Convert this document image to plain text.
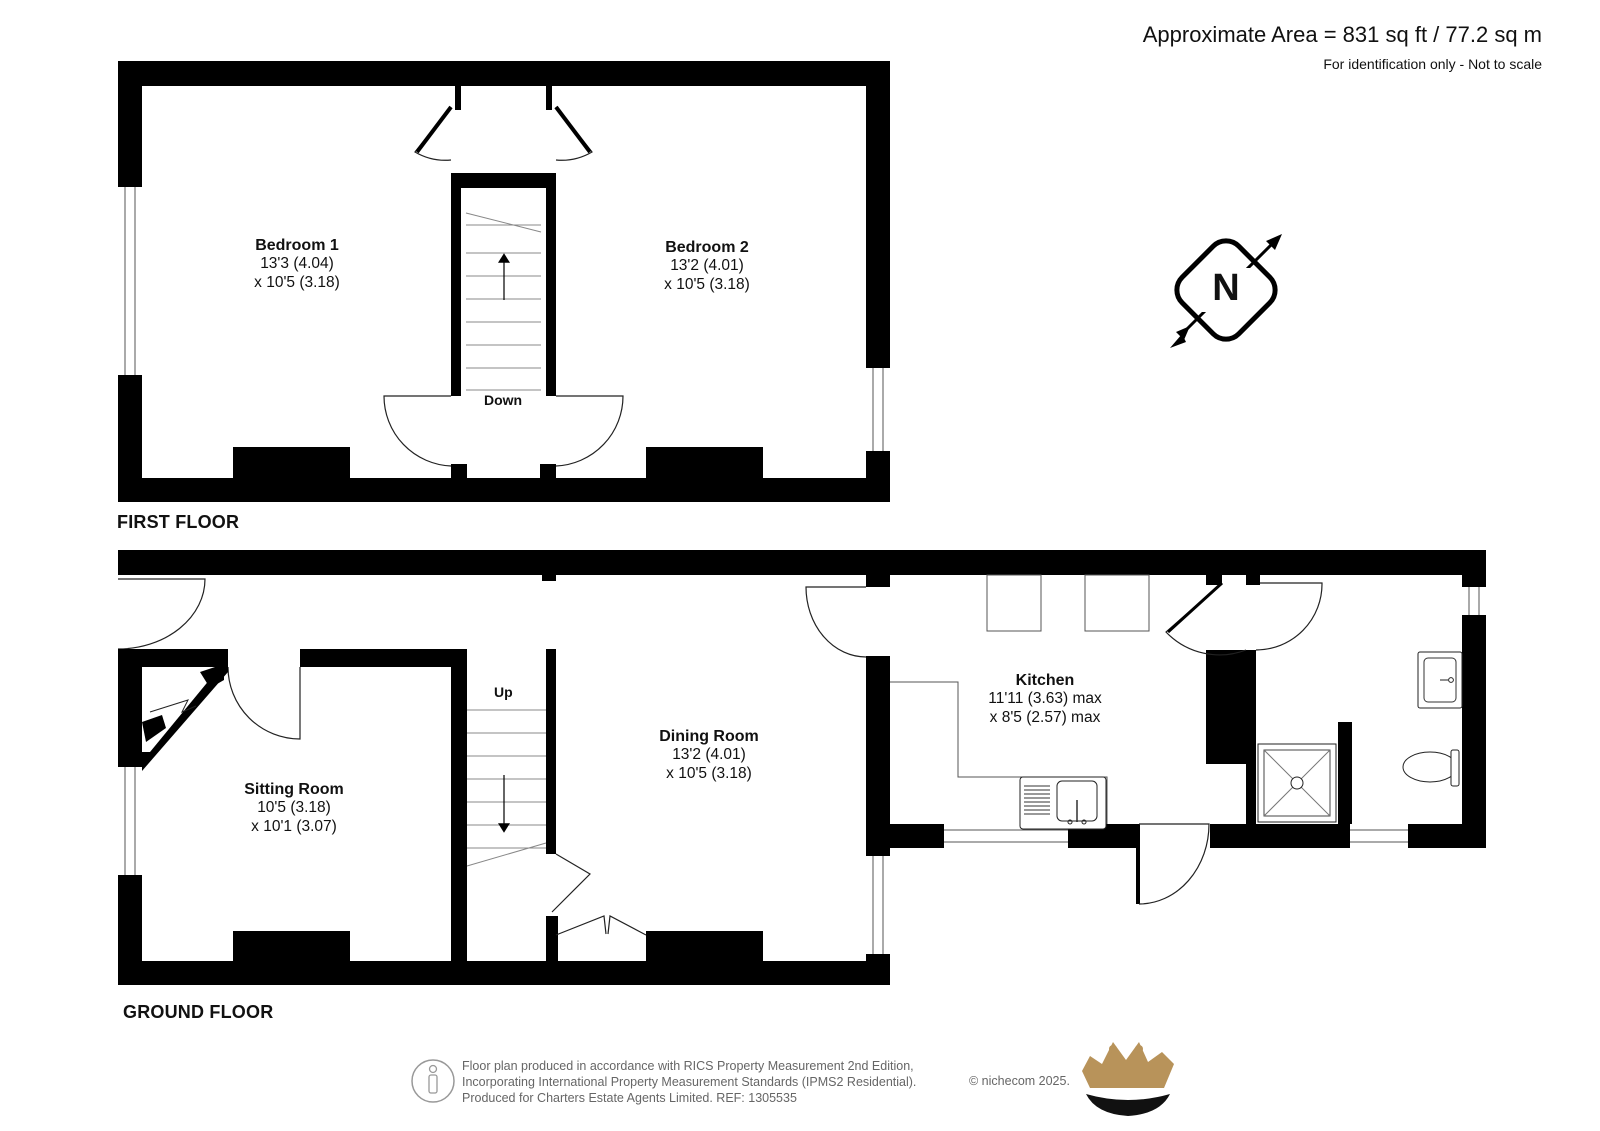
Approximate Area = 831 sq ft / 77.2 sq m
For identification only - Not to scale
N
Bedroom 1
13'3 (4.04)
x 10'5 (3.18)
Bedroom 2
13'2 (4.01)
x 10'5 (3.18)
Down
FIRST FLOOR
Sitting Room
10'5 (3.18)
x 10'1 (3.07)
Dining Room
13'2 (4.01)
x 10'5 (3.18)
Kitchen
11'11 (3.63) max
x 8'5 (2.57) max
Up
GROUND FLOOR
Floor plan produced in accordance with RICS Property Measurement 2nd Edition,
Incorporating International Property Measurement Standards (IPMS2 Residential).
Produced for Charters Estate Agents Limited. REF: 1305535
© nichecom 2025.
